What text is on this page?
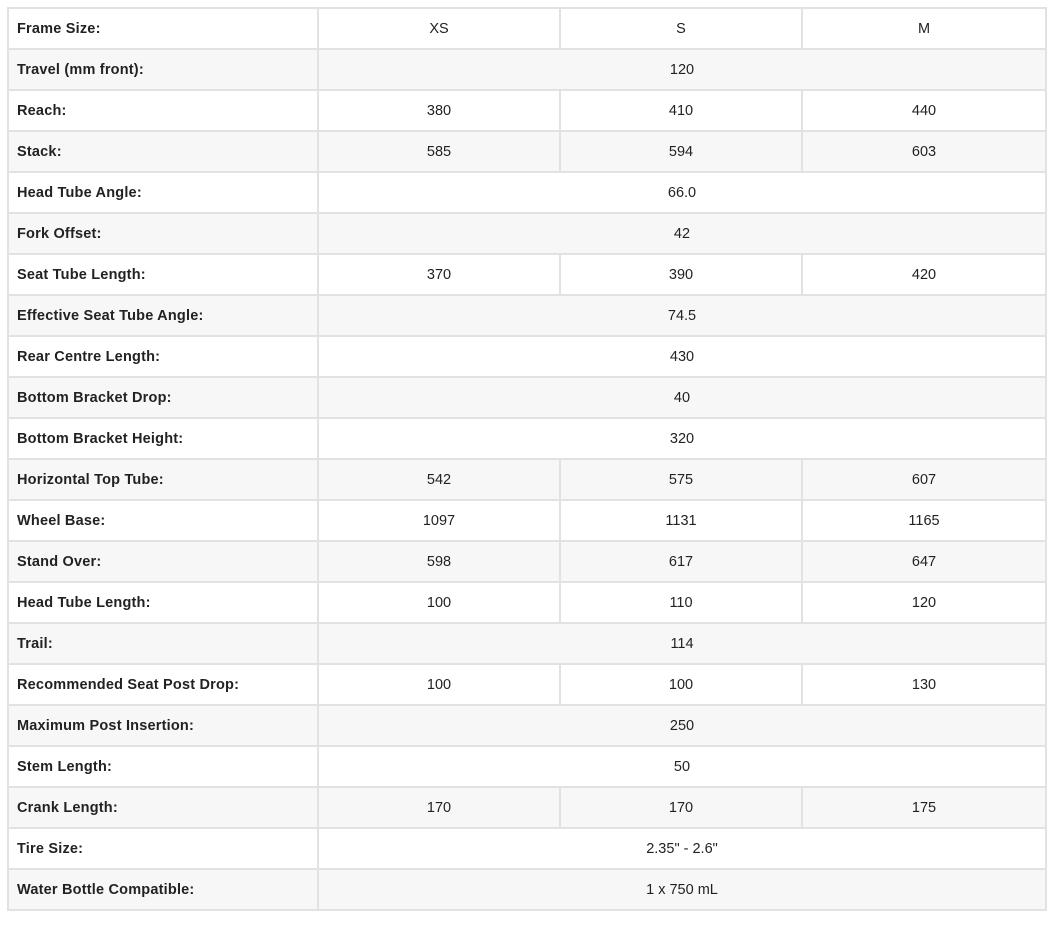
Frame Size:	XS	S	M
Travel (mm front):	120		
Reach:	380	410	440
Stack:	585	594	603
Head Tube Angle:	66.0		
Fork Offset:	42		
Seat Tube Length:	370	390	420
Effective Seat Tube Angle:	74.5		
Rear Centre Length:	430		
Bottom Bracket Drop:	40		
Bottom Bracket Height:	320		
Horizontal Top Tube:	542	575	607
Wheel Base:	1097	1131	1165
Stand Over:	598	617	647
Head Tube Length:	100	110	120
Trail:	114		
Recommended Seat Post Drop:	100	100	130
Maximum Post Insertion:	250		
Stem Length:	50		
Crank Length:	170	170	175
Tire Size:	2.35" - 2.6"		
Water Bottle Compatible:	1 x 750 mL		
